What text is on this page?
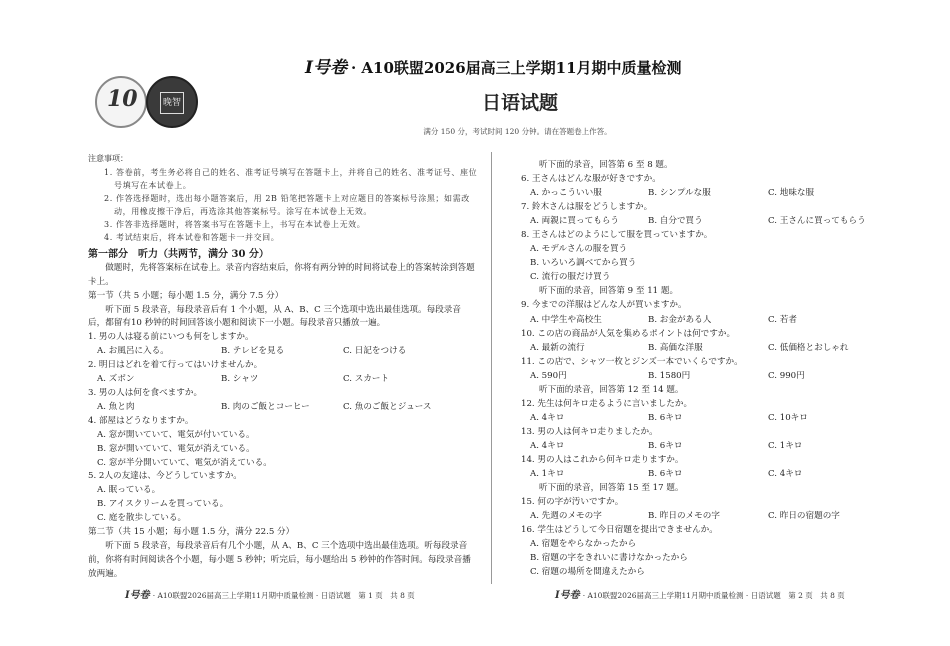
10	晚智
I号卷 · A10联盟2026届高三上学期11月期中质量检测
日语试题
满分 150 分，考试时间 120 分钟。请在答题卷上作答。
注意事项：
1. 答卷前，考生务必将自己的姓名、准考证号填写在答题卡上，并将自己的姓名、准考证号、座位号填写在本试卷上。
2. 作答选择题时，选出每小题答案后，用 2B 铅笔把答题卡上对应题目的答案标号涂黑；如需改动，用橡皮擦干净后，再选涂其他答案标号。涂写在本试卷上无效。
3. 作答非选择题时，将答案书写在答题卡上，书写在本试卷上无效。
4. 考试结束后，将本试卷和答题卡一并交回。
第一部分　听力（共两节，满分 30 分）
做题时，先将答案标在试卷上。录音内容结束后，你将有两分钟的时间将试卷上的答案转涂到答题卡上。
第一节（共 5 小题；每小题 1.5 分，满分 7.5 分）
听下面 5 段录音，每段录音后有 1 个小题，从 A、B、C 三个选项中选出最佳选项。每段录音后，都留有10 秒钟的时间回答该小题和阅读下一小题。每段录音只播放一遍。
1. 男の人は寝る前にいつも何をしますか。
A. お風呂に入る。	B. テレビを見る	C. 日記をつける
2. 明日はどれを着て行ってはいけませんか。
A. ズボン	B. シャツ	C. スカート
3. 男の人は何を食べますか。
A. 魚と肉	B. 肉のご飯とコーヒー	C. 魚のご飯とジュース
4. 部屋はどうなりますか。
A. 窓が開いていて、電気が付いている。
B. 窓が開いていて、電気が消えている。
C. 窓が半分開いていて、電気が消えている。
5. 2人の友達は、今どうしていますか。
A. 眠っている。
B. アイスクリームを買っている。
C. 庭を散歩している。
第二节（共 15 小题；每小题 1.5 分，满分 22.5 分）
听下面 5 段录音，每段录音后有几个小题，从 A、B、C 三个选项中选出最佳选项。听每段录音前，你将有时间阅读各个小题，每小题 5 秒钟；听完后，每小题给出 5 秒钟的作答时间。每段录音播放两遍。
听下面的录音，回答第 6 至 8 题。
6. 王さんはどんな服が好きですか。
A. かっこういい服	B. シンプルな服	C. 地味な服
7. 鈴木さんは服をどうしますか。
A. 両親に買ってもらう	B. 自分で買う	C. 王さんに買ってもらう
8. 王さんはどのようにして服を買っていますか。
A. モデルさんの服を買う
B. いろいろ調べてから買う
C. 流行の服だけ買う
听下面的录音，回答第 9 至 11 题。
9. 今までの洋服はどんな人が買いますか。
A. 中学生や高校生	B. お金がある人	C. 若者
10. この店の商品が人気を集めるポイントは何ですか。
A. 最新の流行	B. 高価な洋服	C. 低価格とおしゃれ
11. この店で、シャツ一枚とジンズ一本でいくらですか。
A. 590円	B. 1580円	C. 990円
听下面的录音，回答第 12 至 14 题。
12. 先生は何キロ走るように言いましたか。
A. 4キロ	B. 6キロ	C. 10キロ
13. 男の人は何キロ走りましたか。
A. 4キロ	B. 6キロ	C. 1キロ
14. 男の人はこれから何キロ走りますか。
A. 1キロ	B. 6キロ	C. 4キロ
听下面的录音，回答第 15 至 17 题。
15. 何の字が汚いですか。
A. 先週のメモの字	B. 昨日のメモの字	C. 昨日の宿題の字
16. 学生はどうして今日宿題を提出できませんか。
A. 宿題をやらなかったから
B. 宿題の字をきれいに書けなかったから
C. 宿題の場所を間違えたから
I号卷 · A10联盟2026届高三上学期11月期中质量检测 · 日语试题　第 1 页　共 8 页	I号卷 · A10联盟2026届高三上学期11月期中质量检测 · 日语试题　第 2 页　共 8 页
